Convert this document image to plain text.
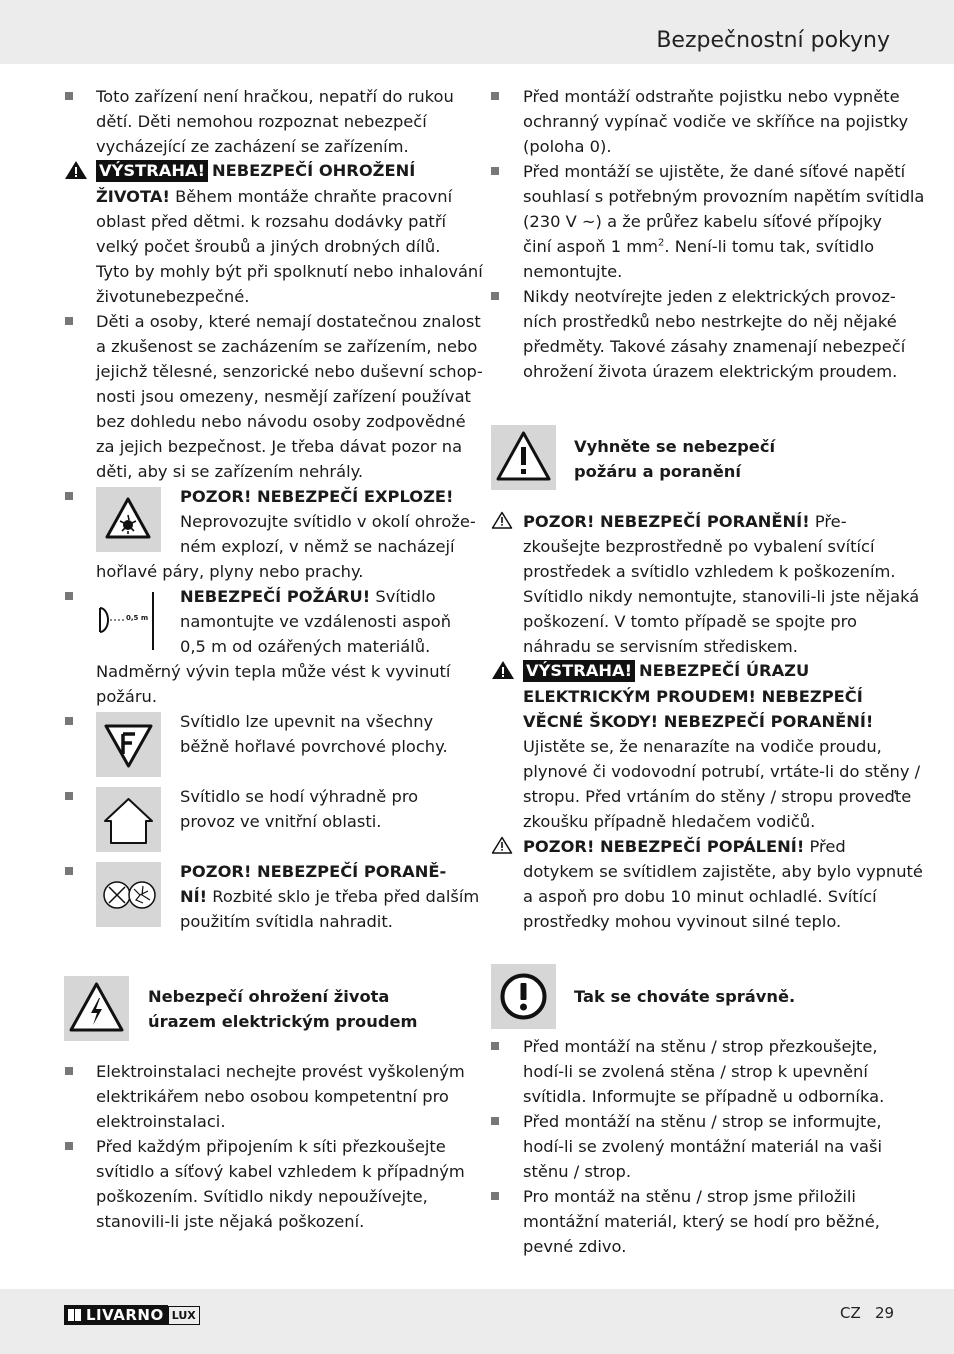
Bezpečnostní pokyny
Toto zařízení není hračkou, nepatří do rukou
dětí. Děti nemohou rozpoznat nebezpečí
vycházející ze zacházení se zařízením.
VÝSTRAHA! NEBEZPEČÍ OHROŽENÍ
ŽIVOTA! Během montáže chraňte pracovní
oblast před dětmi. k rozsahu dodávky patří
velký počet šroubů a jiných drobných dílů.
Tyto by mohly být při spolknutí nebo inhalování
životunebezpečné.
Děti a osoby, které nemají dostatečnou znalost
a zkušenost se zacházením se zařízením, nebo
jejichž tělesné, senzorické nebo duševní schop-
nosti jsou omezeny, nesmějí zařízení používat
bez dohledu nebo návodu osoby zodpovědné
za jejich bezpečnost. Je třeba dávat pozor na
děti, aby si se zařízením nehrály.
POZOR! NEBEZPEČÍ EXPLOZE!
Neprovozujte svítidlo v okolí ohrože-
ném explozí, v němž se nacházejí
hořlavé páry, plyny nebo prachy.
0,5 m
NEBEZPEČÍ POŽÁRU! Svítidlo
namontujte ve vzdálenosti aspoň
0,5 m od ozářených materiálů.
Nadměrný vývin tepla může vést k vyvinutí
požáru.
Svítidlo lze upevnit na všechny
běžně hořlavé povrchové plochy.
Svítidlo se hodí výhradně pro
provoz ve vnitřní oblasti.
POZOR! NEBEZPEČÍ PORANĚ-
NÍ! Rozbité sklo je třeba před dalším
použitím svítidla nahradit.
Nebezpečí ohrožení života
úrazem elektrickým proudem
Elektroinstalaci nechejte provést vyškoleným
elektrikářem nebo osobou kompetentní pro
elektroinstalaci.
Před každým připojením k síti přezkoušejte
svítidlo a síťový kabel vzhledem k případným
poškozením. Svítidlo nikdy nepoužívejte,
stanovili-li jste nějaká poškození.
Před montáží odstraňte pojistku nebo vypněte
ochranný vypínač vodiče ve skříňce na pojistky
(poloha 0).
Před montáží se ujistěte, že dané síťové napětí
souhlasí s potřebným provozním napětím svítidla
(230 V ~) a že průřez kabelu síťové přípojky
činí aspoň 1 $mm^2$. Není-li tomu tak, svítidlo
nemontujte.
Nikdy neotvírejte jeden z elektrických provoz-
ních prostředků nebo nestrkejte do něj nějaké
předměty. Takové zásahy znamenají nebezpečí
ohrožení života úrazem elektrickým proudem.
Vyhněte se nebezpečí
požáru a poranění
POZOR! NEBEZPEČÍ PORANĚNÍ! Pře-
zkoušejte bezprostředně po vybalení svítící
prostředek a svítidlo vzhledem k poškozením.
Svítidlo nikdy nemontujte, stanovili-li jste nějaká
poškození. V tomto případě se spojte pro
náhradu se servisním střediskem.
VÝSTRAHA! NEBEZPEČÍ ÚRAZU
ELEKTRICKÝM PROUDEM! NEBEZPEČÍ
VĚCNÉ ŠKODY! NEBEZPEČÍ PORANĚNÍ!
Ujistěte se, že nenarazíte na vodiče proudu,
plynové či vodovodní potrubí, vrtáte-li do stěny /
stropu. Před vrtáním do stěny / stropu proveďte
zkoušku případně hledačem vodičů.
POZOR! NEBEZPEČÍ POPÁLENÍ! Před
dotykem se svítidlem zajistěte, aby bylo vypnuté
a aspoň pro dobu 10 minut ochladlé. Svítící
prostředky mohou vyvinout silné teplo.
Tak se chováte správně.
Před montáží na stěnu / strop přezkoušejte,
hodí-li se zvolená stěna / strop k upevnění
svítidla. Informujte se případně u odborníka.
Před montáží na stěnu / strop se informujte,
hodí-li se zvolený montážní materiál na vaši
stěnu / strop.
Pro montáž na stěnu / strop jsme přiložili
montážní materiál, který se hodí pro běžné,
pevné zdivo.
LIVARNO LUX	CZ 29
